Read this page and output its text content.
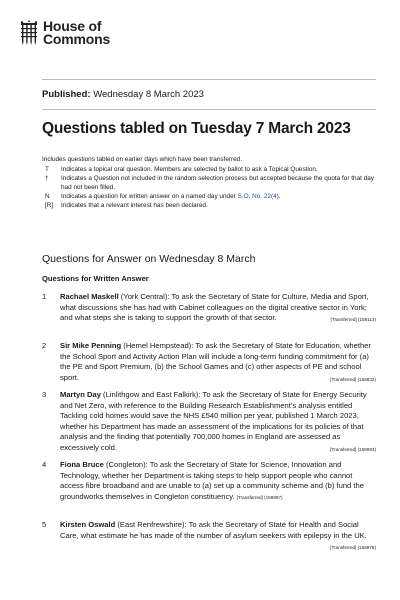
House of
Commons
Published: Wednesday 8 March 2023
Questions tabled on Tuesday 7 March 2023
Includes questions tabled on earlier days which have been transferred.
T	Indicates a topical oral question. Members are selected by ballot to ask a Topical Question.
†	Indicates a Question not included in the random selection process but accepted because the quota for that day had not been filled.
N	Indicates a question for written answer on a named day under S.O. No. 22(4).
[R]	Indicates that a relevant interest has been declared.
Questions for Answer on Wednesday 8 March
Questions for Written Answer
1	Rachael Maskell (York Central): To ask the Secretary of State for Culture, Media and Sport, what discussions she has had with Cabinet colleagues on the digital creative sector in York; and what steps she is taking to support the growth of that sector.	[Transferred] (159113)
2	Sir Mike Penning (Hemel Hempstead): To ask the Secretary of State for Education, whether the School Sport and Activity Action Plan will include a long-term funding commitment for (a) the PE and Sport Premium, (b) the School Games and (c) other aspects of PE and school sport.	[Transferred] (158832)
3	Martyn Day (Linlithgow and East Falkirk): To ask the Secretary of State for Energy Security and Net Zero, with reference to the Building Research Establishment's analysis entitled Tackling cold homes would save the NHS £540 million per year, published 1 March 2023, whether his Department has made an assessment of the implications for its policies of that analysis and the finding that potentially 700,000 homes in England are assessed as excessively cold.	[Transferred] (159083)
4	Fiona Bruce (Congleton): To ask the Secretary of State for Science, Innovation and Technology, whether her Department is taking steps to help support people who cannot access fibre broadband and are unable to (a) set up a community scheme and (b) fund the groundworks themselves in Congleton constituency. [Transferred] (158887)
5	Kirsten Oswald (East Renfrewshire): To ask the Secretary of State for Health and Social Care, what estimate he has made of the number of asylum seekers with epilepsy in the UK.
[Transferred] (158978)
